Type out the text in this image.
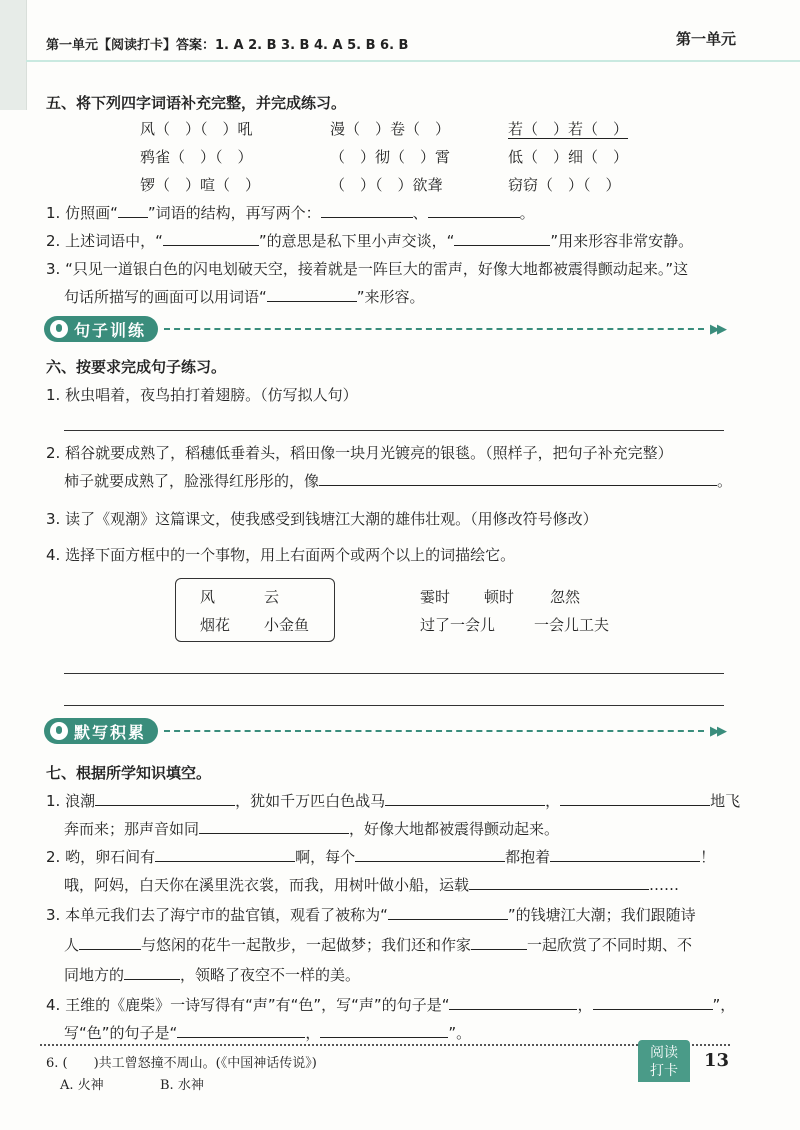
第一单元【阅读打卡】答案：1. A 2. B 3. B 4. A 5. B 6. B	第一单元
五、将下列四字词语补充完整，并完成练习。
风（　）（　）吼	漫（　）卷（　）	若（　）若（　）
鸦雀（　）（　）	（　）彻（　）霄	低（　）细（　）
锣（　）喧（　）	（　）（　）欲聋	窃窃（　）（　）
1. 仿照画“ ”词语的结构，再写两个：	、	。
2. 上述词语中，“	”的意思是私下里小声交谈，“	”用来形容非常安静。
3. “只见一道银白色的闪电划破天空，接着就是一阵巨大的雷声，好像大地都被震得颤动起来。”这
句话所描写的画面可以用词语“	”来形容。
句子训练	▶▶
六、按要求完成句子练习。
1. 秋虫唱着，夜鸟拍打着翅膀。（仿写拟人句）
2. 稻谷就要成熟了，稻穗低垂着头，稻田像一块月光镀亮的银毯。（照样子，把句子补充完整）
柿子就要成熟了，脸涨得红彤彤的，像	。
3. 读了《观潮》这篇课文，使我感受到钱塘江大潮的雄伟壮观。（用修改符号修改）
4. 选择下面方框中的一个事物，用上右面两个或两个以上的词描绘它。
风	云
烟花 小金鱼
霎时 顿时 忽然
过了一会儿	一会儿工夫
默写积累	▶▶
七、根据所学知识填空。
1. 浪潮	，犹如千万匹白色战马	，	地飞
奔而来；那声音如同	，好像大地都被震得颤动起来。
2. 哟，卵石间有	啊，每个	都抱着	！
哦，阿妈，白天你在溪里洗衣裳，而我，用树叶做小船，运载	……
3. 本单元我们去了海宁市的盐官镇，观看了被称为“	”的钱塘江大潮；我们跟随诗
人	与悠闲的花牛一起散步，一起做梦；我们还和作家	一起欣赏了不同时期、不
同地方的	，领略了夜空不一样的美。
4. 王维的《鹿柴》一诗写得有“声”有“色”，写“声”的句子是“	，	”，
写“色”的句子是“	，	”。
6. (　　)共工曾怒撞不周山。(《中国神话传说》)
A. 火神	B. 水神
阅读
打卡	13
